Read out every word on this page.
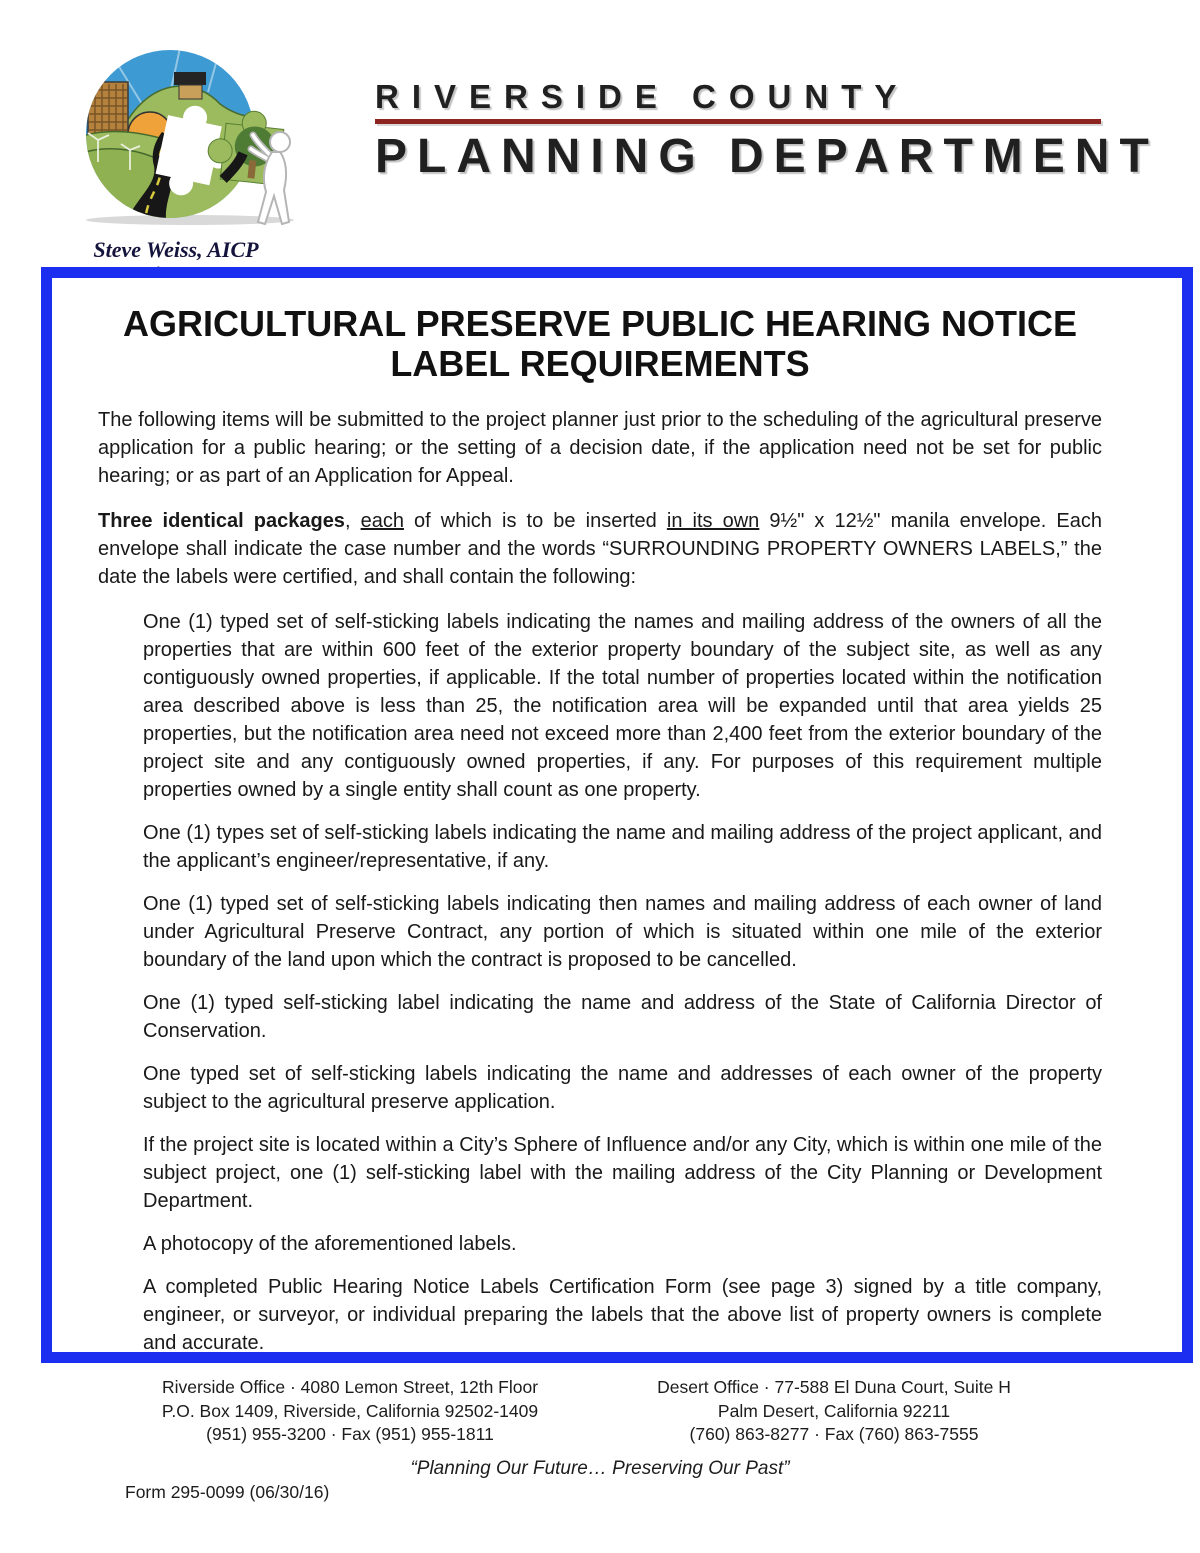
Steve Weiss, AICP
RIVERSIDE COUNTY
PLANNING DEPARTMENT
AGRICULTURAL PRESERVE PUBLIC HEARING NOTICE
LABEL REQUIREMENTS

The following items will be submitted to the project planner just prior to the scheduling of the agricultural preserve application for a public hearing; or the setting of a decision date, if the application need not be set for public hearing; or as part of an Application for Appeal.

Three identical packages, each of which is to be inserted in its own 9½" x 12½" manila envelope. Each envelope shall indicate the case number and the words “SURROUNDING PROPERTY OWNERS LABELS,” the date the labels were certified, and shall contain the following:

One (1) typed set of self-sticking labels indicating the names and mailing address of the owners of all the properties that are within 600 feet of the exterior property boundary of the subject site, as well as any contiguously owned properties, if applicable. If the total number of properties located within the notification area described above is less than 25, the notification area will be expanded until that area yields 25 properties, but the notification area need not exceed more than 2,400 feet from the exterior boundary of the project site and any contiguously owned properties, if any. For purposes of this requirement multiple properties owned by a single entity shall count as one property.

One (1) types set of self-sticking labels indicating the name and mailing address of the project applicant, and the applicant’s engineer/representative, if any.

One (1) typed set of self-sticking labels indicating then names and mailing address of each owner of land under Agricultural Preserve Contract, any portion of which is situated within one mile of the exterior boundary of the land upon which the contract is proposed to be cancelled.

One (1) typed self-sticking label indicating the name and address of the State of California Director of Conservation.

One typed set of self-sticking labels indicating the name and addresses of each owner of the property subject to the agricultural preserve application.

If the project site is located within a City’s Sphere of Influence and/or any City, which is within one mile of the subject project, one (1) self-sticking label with the mailing address of the City Planning or Development Department.

A photocopy of the aforementioned labels.

A completed Public Hearing Notice Labels Certification Form (see page 3) signed by a title company, engineer, or surveyor, or individual preparing the labels that the above list of property owners is complete and accurate.

Riverside Office · 4080 Lemon Street, 12th Floor
P.O. Box 1409, Riverside, California 92502-1409
(951) 955-3200 · Fax (951) 955-1811
Desert Office · 77-588 El Duna Court, Suite H
Palm Desert, California 92211
(760) 863-8277 · Fax (760) 863-7555
“Planning Our Future… Preserving Our Past”
Form 295-0099 (06/30/16)
